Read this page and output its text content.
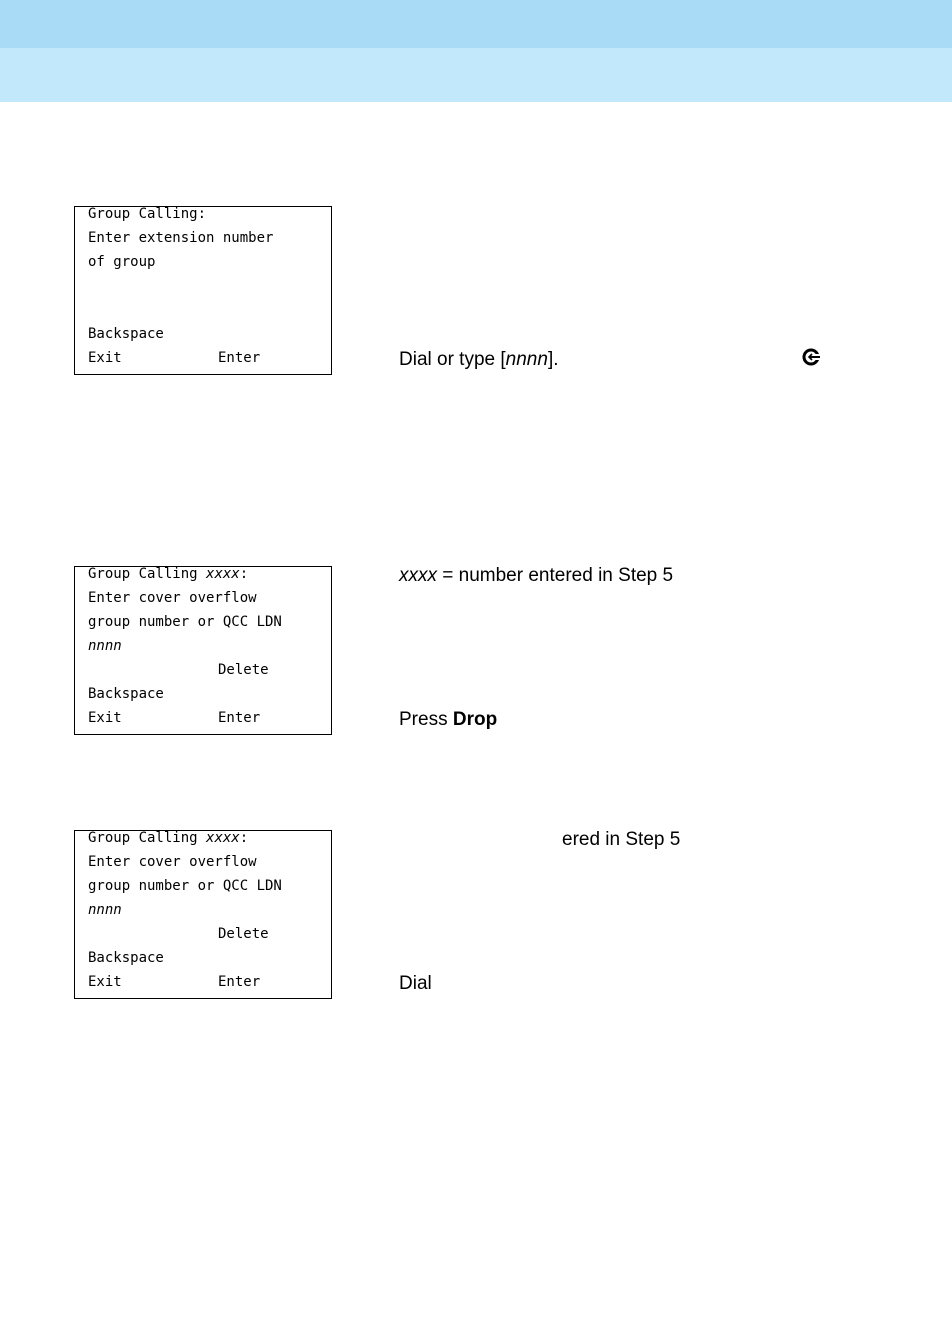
Group Calling:
Enter extension number
of group
Backspace
Exit	Enter
Group Calling xxxx:
Enter cover overflow
group number or QCC LDN
nnnn
Delete
Backspace
Exit	Enter
Group Calling xxxx:
Enter cover overflow
group number or QCC LDN
nnnn
Delete
Backspace
Exit	Enter
Dial or type [nnnn].
xxxx = number entered in Step 5
Press Drop
ered in Step 5
Dial
